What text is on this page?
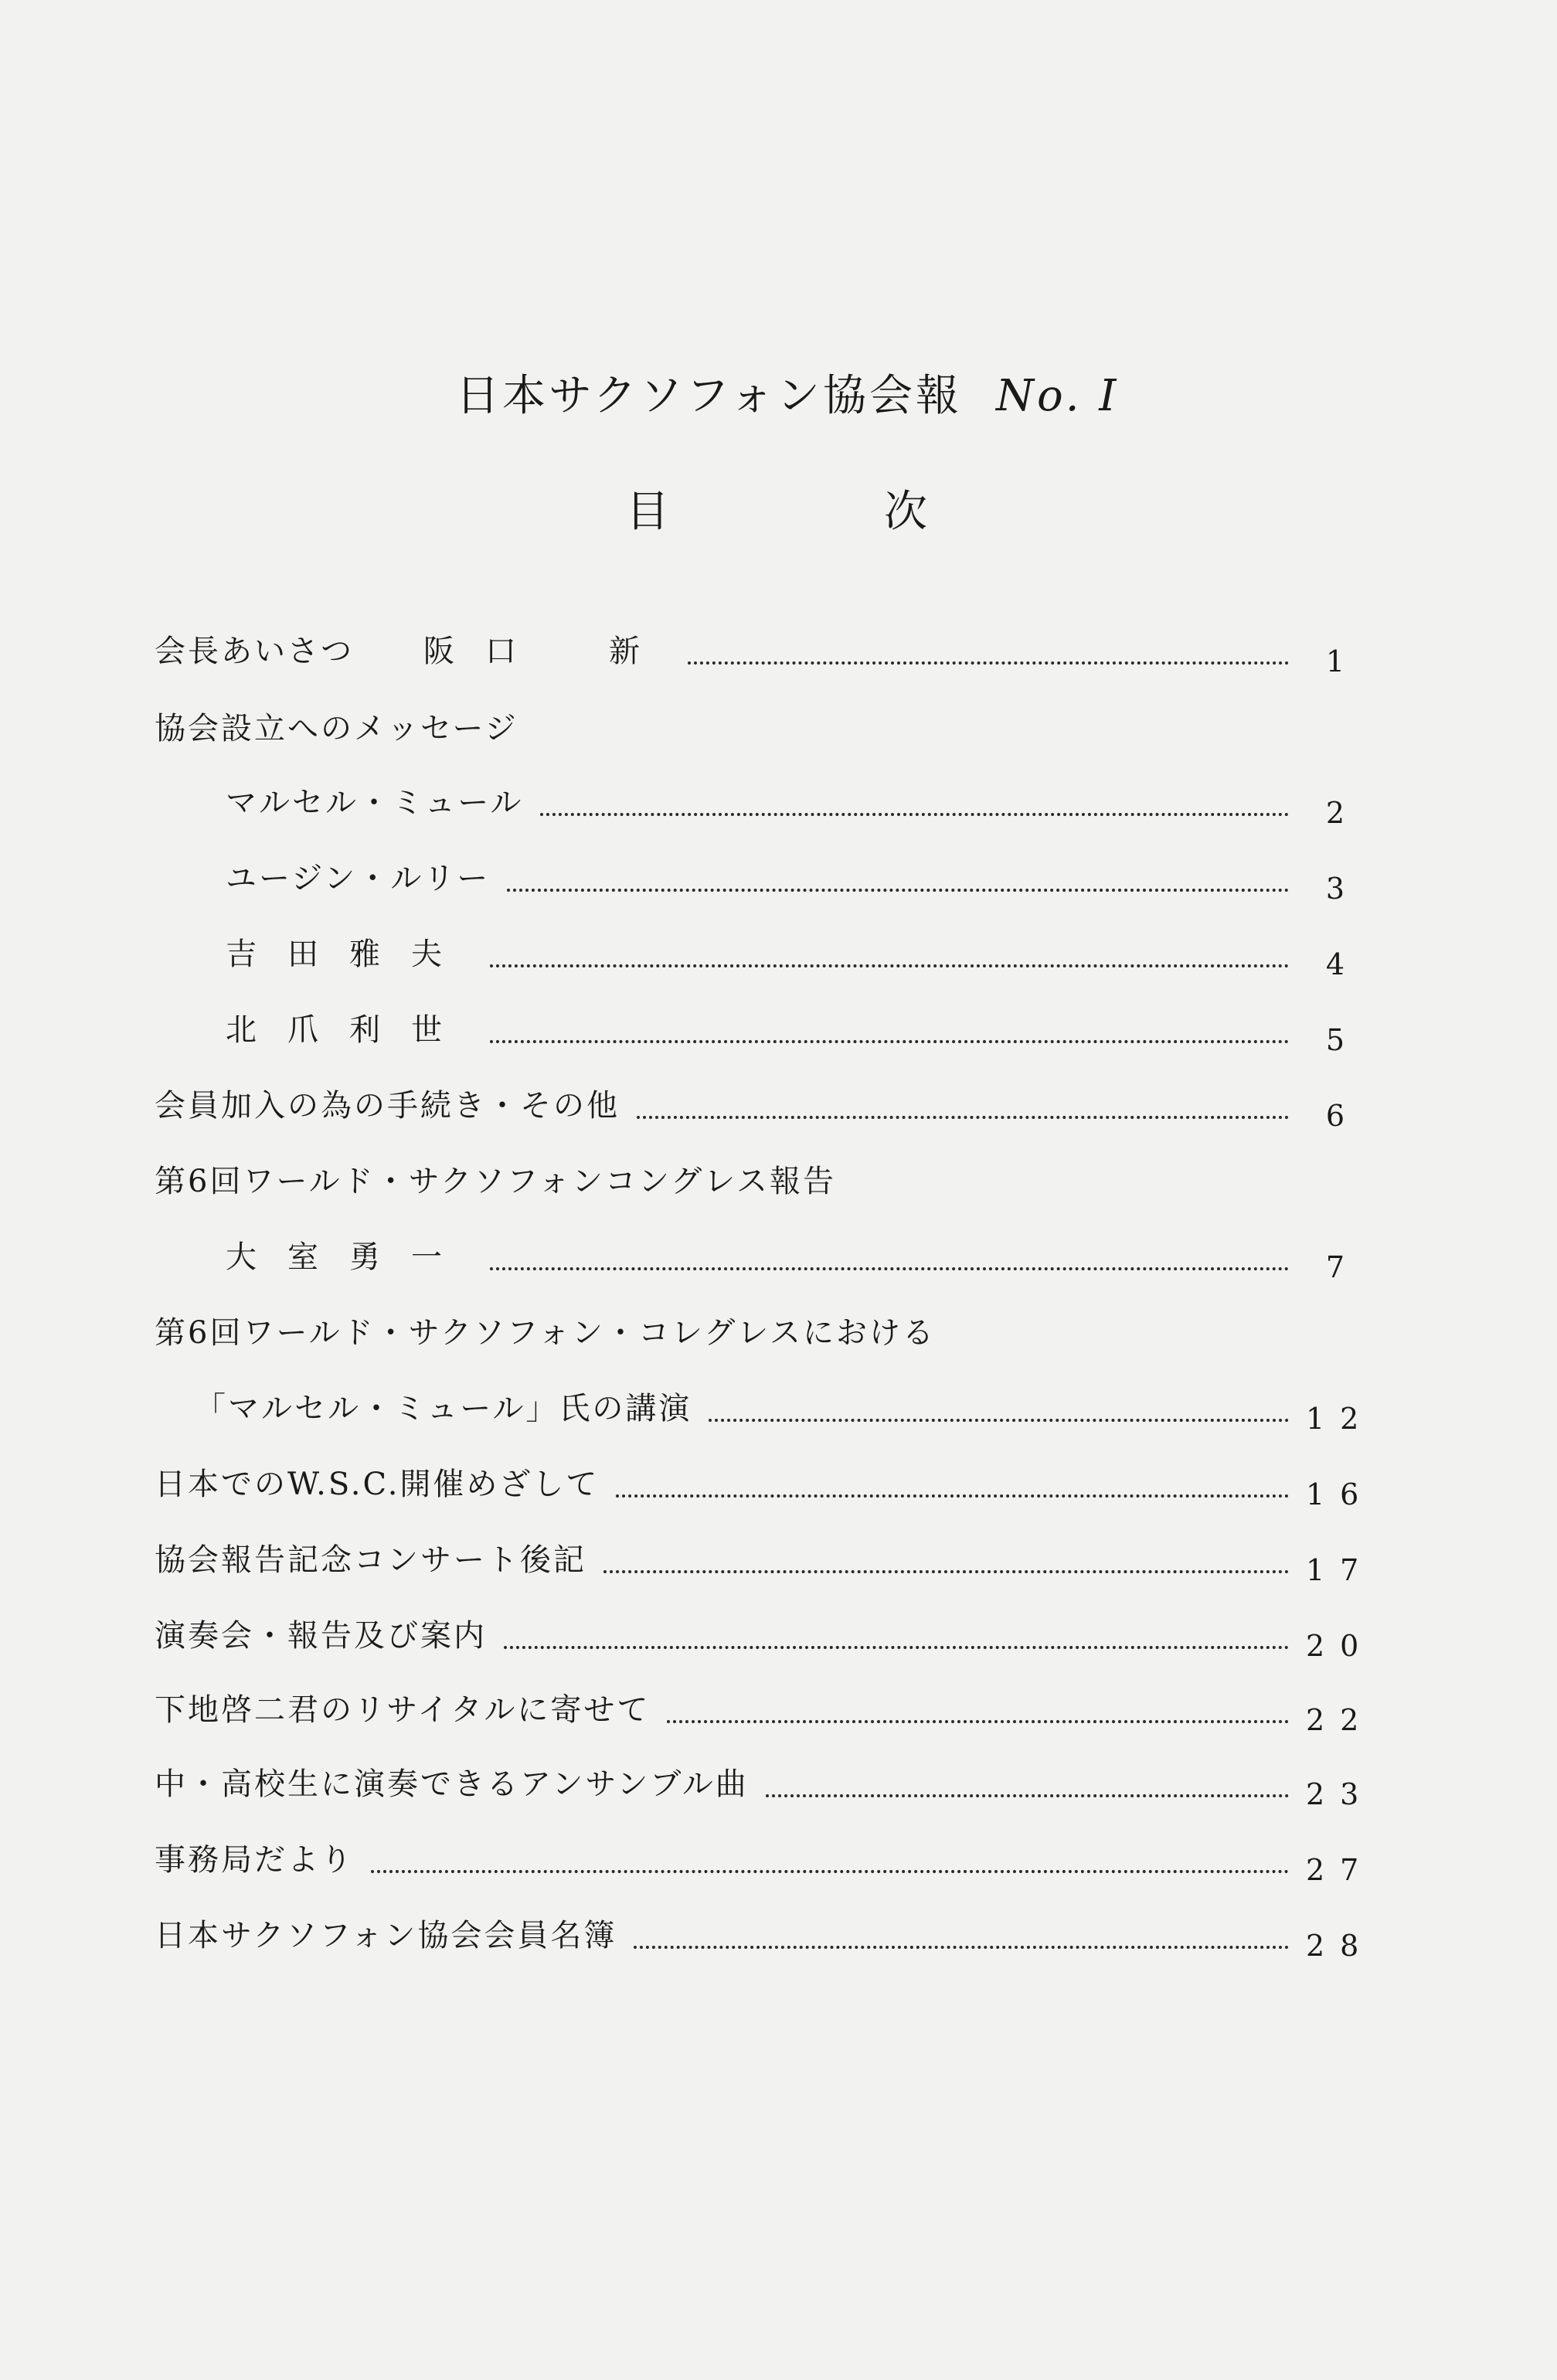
日本サクソフォン協会報 No. I
目	次
会長あいさつ 阪口　新	1
協会設立へのメッセージ
マルセル・ミュール	2
ユージン・ルリー	3
吉田雅夫	4
北爪利世	5
会員加入の為の手続き・その他	6
第6回ワールド・サクソフォンコングレス報告
大室勇一	7
第6回ワールド・サクソフォン・コレグレスにおける
「マルセル・ミュール」氏の講演	12
日本でのW.S.C.開催めざして	16
協会報告記念コンサート後記	17
演奏会・報告及び案内	20
下地啓二君のリサイタルに寄せて	22
中・高校生に演奏できるアンサンブル曲	23
事務局だより	27
日本サクソフォン協会会員名簿	28
